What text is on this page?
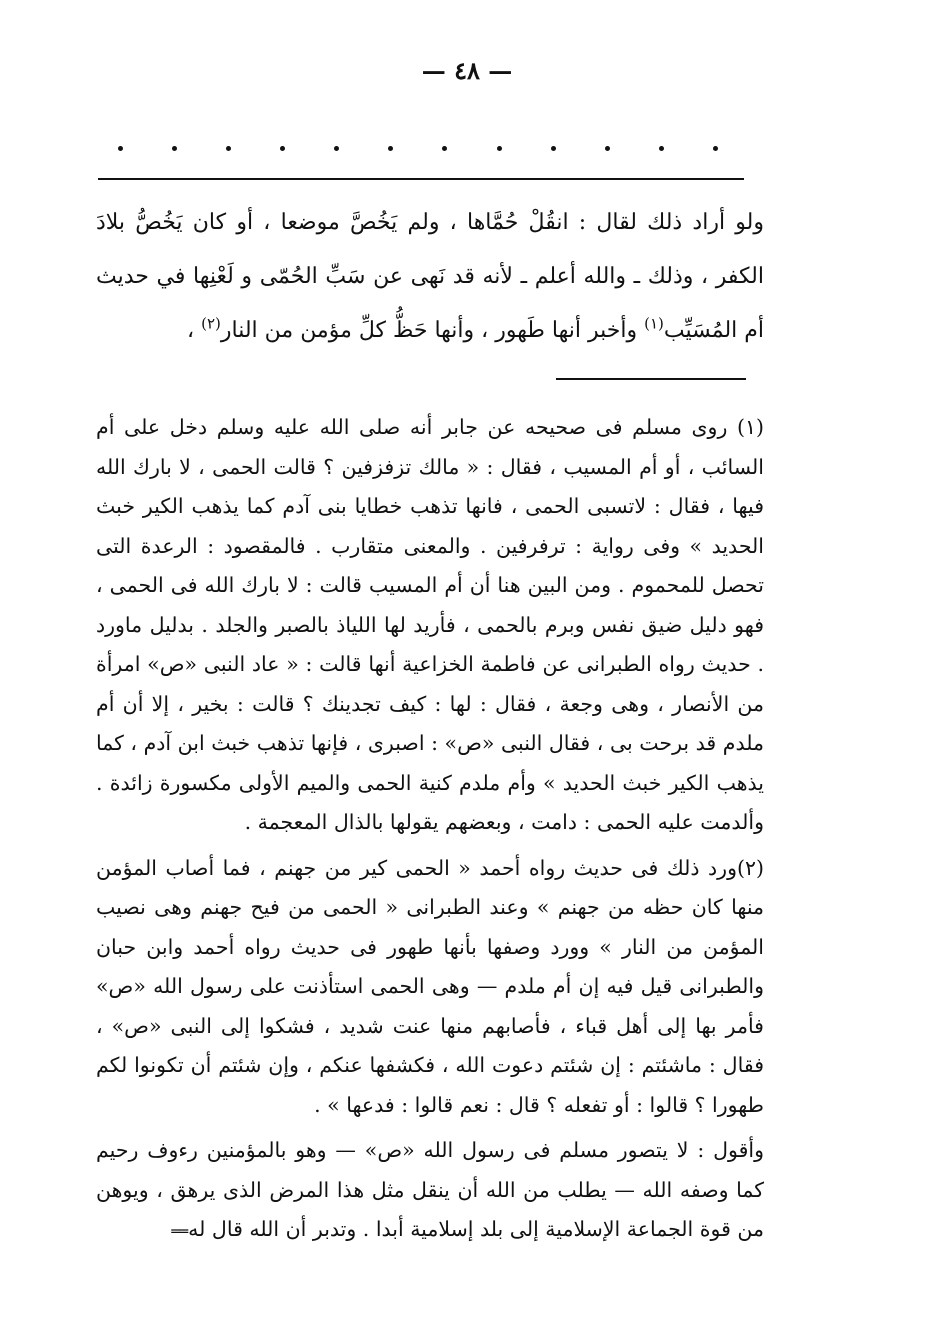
— ٤٨ —
ولو أراد ذلك لقال : انقُلْ حُمَّاها ، ولم يَخُصَّ موضعا ، أو كان يَخُصُّ بلادَ الكفر ، وذلك ـ والله أعلم ـ لأنه قد نَهى عن سَبِّ الحُمّى و لَعْنِها في حديث أم المُسَيِّب$^{(١)}$ وأخبر أنها طَهور ، وأنها حَظُّ كلِّ مؤمن من النار$^{(٢)}$ ،

(١) روى مسلم فى صحيحه عن جابر أنه صلى الله عليه وسلم دخل على أم السائب ، أو أم المسيب ، فقال : « مالك تزفزفين ؟ قالت الحمى ، لا بارك الله فيها ، فقال : لاتسبى الحمى ، فانها تذهب خطايا بنى آدم كما يذهب الكير خبث الحديد » وفى رواية : ترفرفين . والمعنى متقارب . فالمقصود : الرعدة التى تحصل للمحموم . ومن البين هنا أن أم المسيب قالت : لا بارك الله فى الحمى ، فهو دليل ضيق نفس وبرم بالحمى ، فأريد لها اللياذ بالصبر والجلد . بدليل ماورد . حديث رواه الطبرانى عن فاطمة الخزاعية أنها قالت : « عاد النبى «ص» امرأة من الأنصار ، وهى وجعة ، فقال : لها : كيف تجدينك ؟ قالت : بخير ، إلا أن أم ملدم قد برحت بى ، فقال النبى «ص» : اصبرى ، فإنها تذهب خبث ابن آدم ، كما يذهب الكير خبث الحديد » وأم ملدم كنية الحمى والميم الأولى مكسورة زائدة . وألدمت عليه الحمى : دامت ، وبعضهم يقولها بالذال المعجمة .

(٢)ورد ذلك فى حديث رواه أحمد « الحمى كير من جهنم ، فما أصاب المؤمن منها كان حظه من جهنم » وعند الطبرانى « الحمى من فيح جهنم وهى نصيب المؤمن من النار » وورد وصفها بأنها طهور فى حديث رواه أحمد وابن حبان والطبرانى قيل فيه إن أم ملدم — وهى الحمى استأذنت على رسول الله «ص» فأمر بها إلى أهل قباء ، فأصابهم منها عنت شديد ، فشكوا إلى النبى «ص» ، فقال : ماشئتم : إن شئتم دعوت الله ، فكشفها عنكم ، وإن شئتم أن تكونوا لكم طهورا ؟ قالوا : أو تفعله ؟ قال : نعم قالوا : فدعها » .

وأقول : لا يتصور مسلم فى رسول الله «ص» — وهو بالمؤمنين رءوف رحيم كما وصفه الله — يطلب من الله أن ينقل مثل هذا المرض الذى يرهق ، ويوهن من قوة الجماعة الإسلامية إلى بلد إسلامية أبدا . وتدبر أن الله قال له ══
